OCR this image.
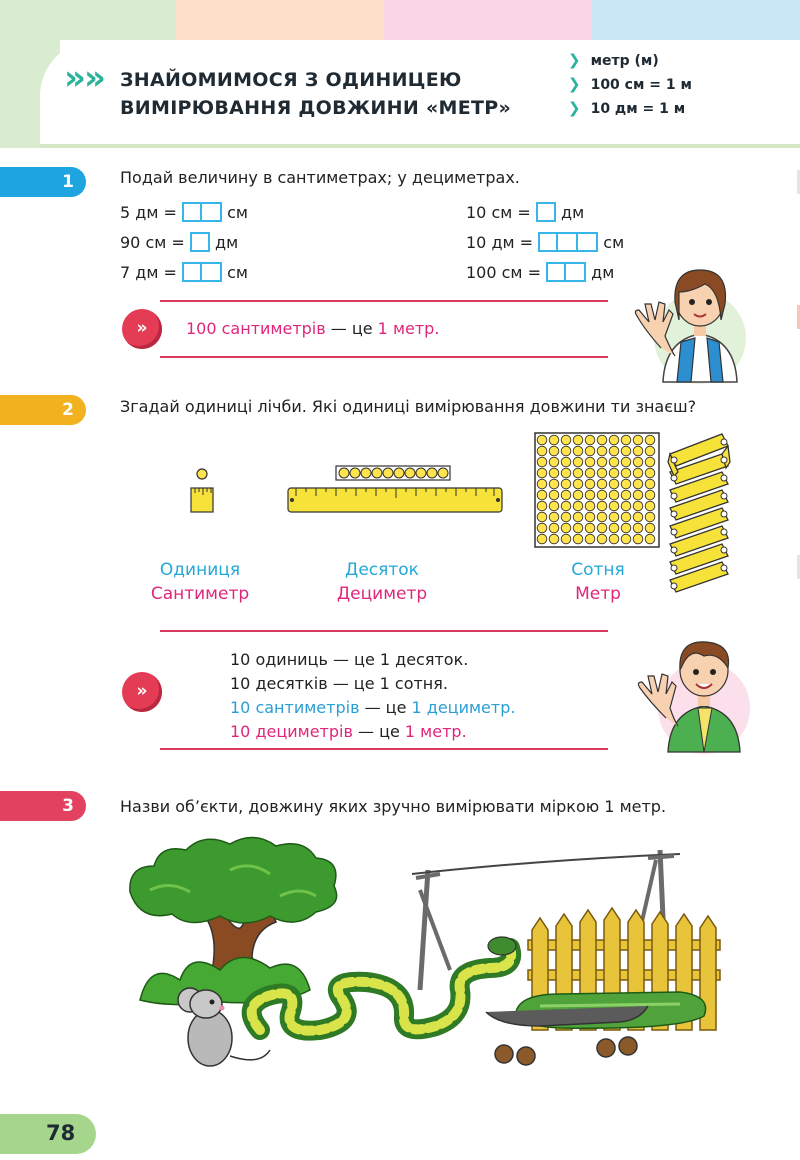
»
» ЗНАЙОМИМОСЯ З ОДИНИЦЕЮ
ВИМІРЮВАННЯ ДОВЖИНИ «МЕТР»
❯ метр (м)
❯ 100 см = 1 м
❯ 10 дм = 1 м
1	Подай величину в сантиметрах; у дециметрах.
5 дм =	см
90 см = дм
7 дм =	см
10 см = дм
10 дм =	см
100 см =	дм
»	100 сантиметрів — це 1 метр.
2	Згадай одиниці лічби. Які одиниці вимірювання довжини ти знаєш?
Одиниця
Сантиметр
Десяток
Дециметр
Сотня
Метр
»
10 одиниць — це 1 десяток.
10 десятків — це 1 сотня.
10 сантиметрів — це 1 дециметр.
10 дециметрів — це 1 метр.
3	Назви об’єкти, довжину яких зручно вимірювати міркою 1 метр.
78
